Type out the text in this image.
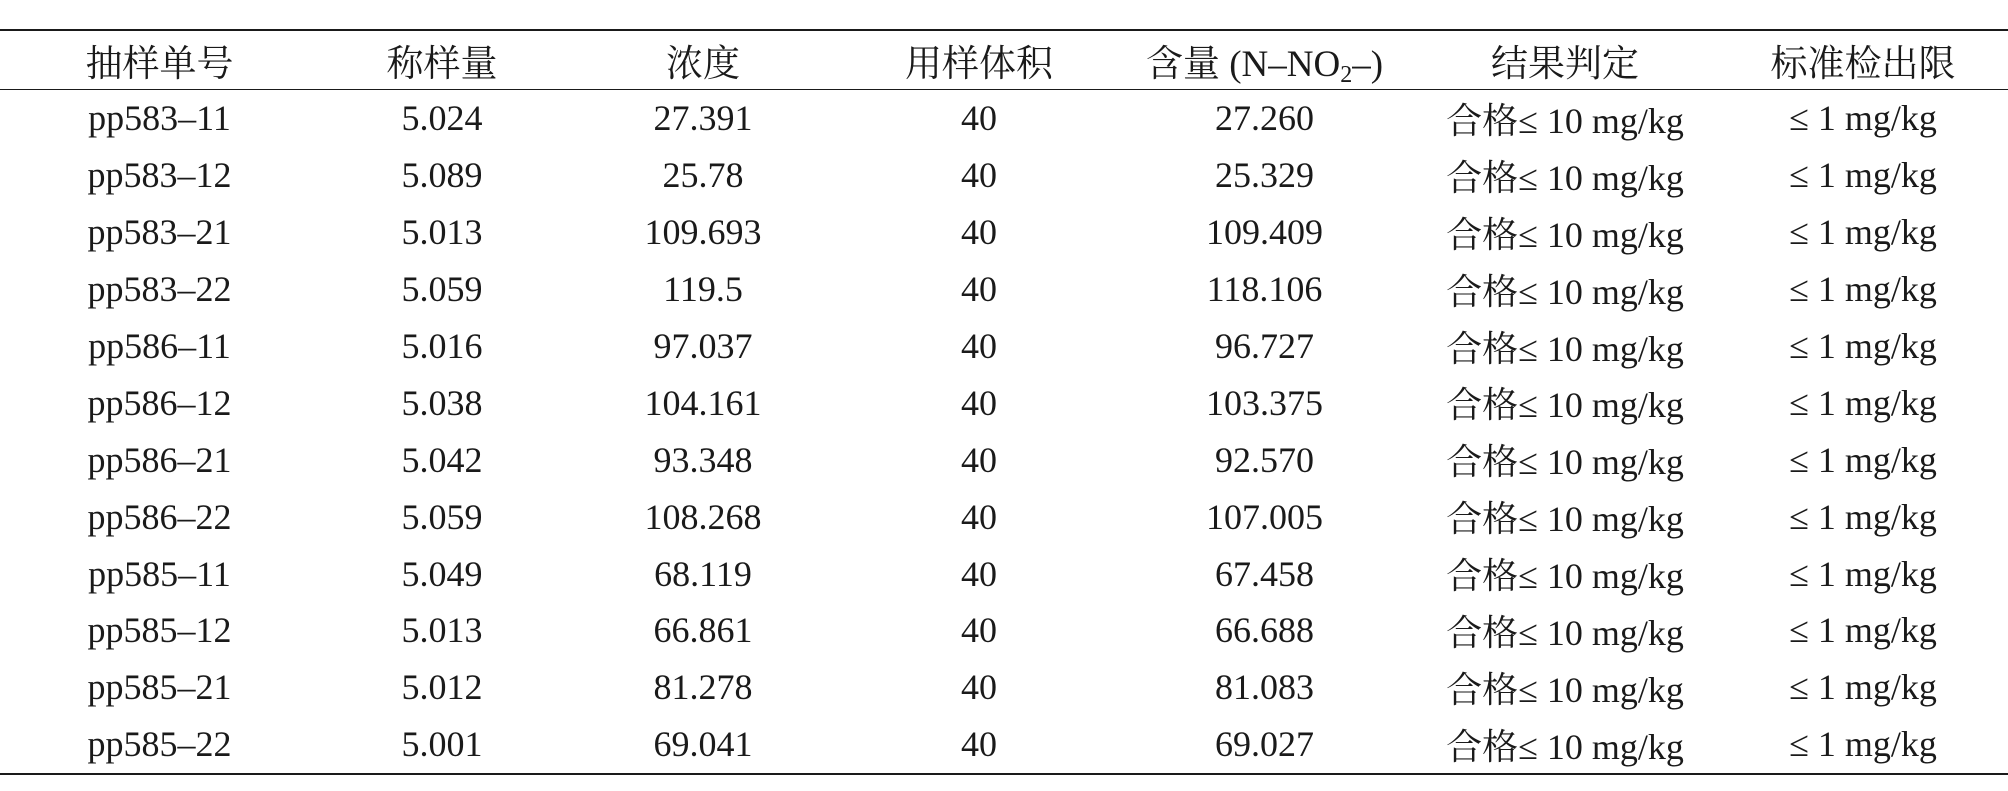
抽样单号	称样量	浓度	用样体积	含量 $(N-NO_2-)$	结果判定	标准检出限
pp583–11	5.024	27.391	40	27.260	合格≤ 10 mg/kg	≤ 1 mg/kg
pp583–12	5.089	25.78	40	25.329	合格≤ 10 mg/kg	≤ 1 mg/kg
pp583–21	5.013	109.693	40	109.409	合格≤ 10 mg/kg	≤ 1 mg/kg
pp583–22	5.059	119.5	40	118.106	合格≤ 10 mg/kg	≤ 1 mg/kg
pp586–11	5.016	97.037	40	96.727	合格≤ 10 mg/kg	≤ 1 mg/kg
pp586–12	5.038	104.161	40	103.375	合格≤ 10 mg/kg	≤ 1 mg/kg
pp586–21	5.042	93.348	40	92.570	合格≤ 10 mg/kg	≤ 1 mg/kg
pp586–22	5.059	108.268	40	107.005	合格≤ 10 mg/kg	≤ 1 mg/kg
pp585–11	5.049	68.119	40	67.458	合格≤ 10 mg/kg	≤ 1 mg/kg
pp585–12	5.013	66.861	40	66.688	合格≤ 10 mg/kg	≤ 1 mg/kg
pp585–21	5.012	81.278	40	81.083	合格≤ 10 mg/kg	≤ 1 mg/kg
pp585–22	5.001	69.041	40	69.027	合格≤ 10 mg/kg	≤ 1 mg/kg
